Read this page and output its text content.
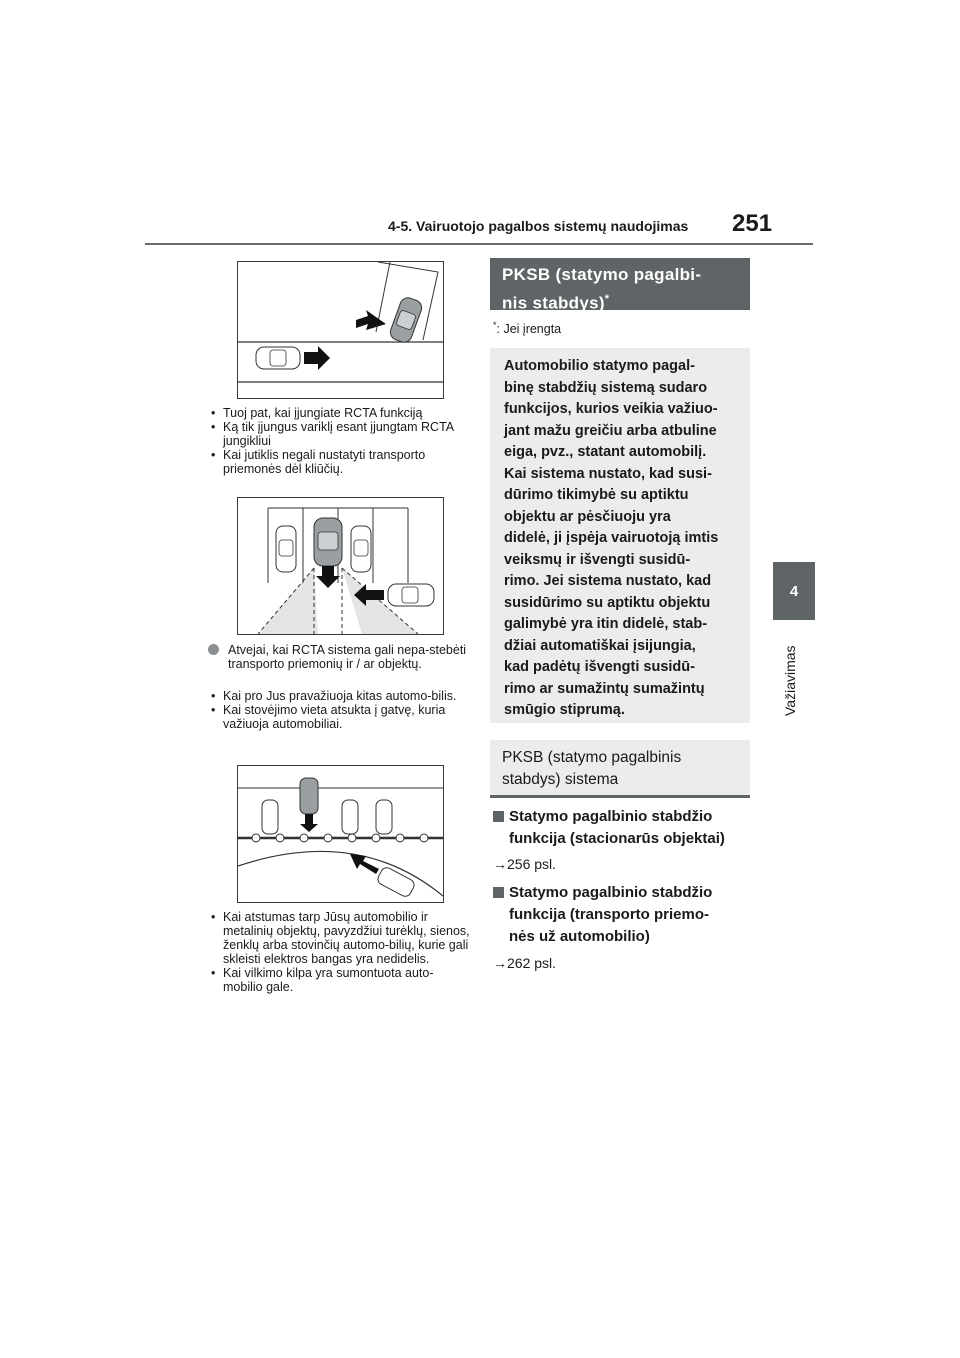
4-5. Vairuotojo pagalbos sistemų naudojimas 251
4
Važiavimas
• Tuoj pat, kai įjungiate RCTA funkciją
• Ką tik įjungus variklį esant įjungtam RCTA jungikliui
• Kai jutiklis negali nustatyti transporto priemonės dėl kliūčių.
Atvejai, kai RCTA sistema gali nepa-stebėti transporto priemonių ir / ar objektų.
• Kai pro Jus pravažiuoja kitas automo-bilis.
• Kai stovėjimo vieta atsukta į gatvę, kuria važiuoja automobiliai.
• Kai atstumas tarp Jūsų automobilio ir metalinių objektų, pavyzdžiui turėklų, sienos, ženklų arba stovinčių automo-bilių, kurie gali skleisti elektros bangas yra nedidelis.
• Kai vilkimo kilpa yra sumontuota auto-mobilio gale.
PKSB (statymo pagalbi-
nis stabdys)*
*: Jei įrengta
Automobilio statymo pagal-
binę stabdžių sistemą sudaro
funkcijos, kurios veikia važiuo-
jant mažu greičiu arba atbuline
eiga, pvz., statant automobilį.
Kai sistema nustato, kad susi-
dūrimo tikimybė su aptiktu
objektu ar pėsčiuoju yra
didelė, ji įspėja vairuotoją imtis
veiksmų ir išvengti susidū-
rimo. Jei sistema nustato, kad
susidūrimo su aptiktu objektu
galimybė yra itin didelė, stab-
džiai automatiškai įsijungia,
kad padėtų išvengti susidū-
rimo ar sumažintų sumažintų
smūgio stiprumą.
PKSB (statymo pagalbinis
stabdys) sistema
Statymo pagalbinio stabdžio
funkcija (stacionarūs objektai)
→256 psl.
Statymo pagalbinio stabdžio
funkcija (transporto priemo-
nės už automobilio)
→262 psl.
